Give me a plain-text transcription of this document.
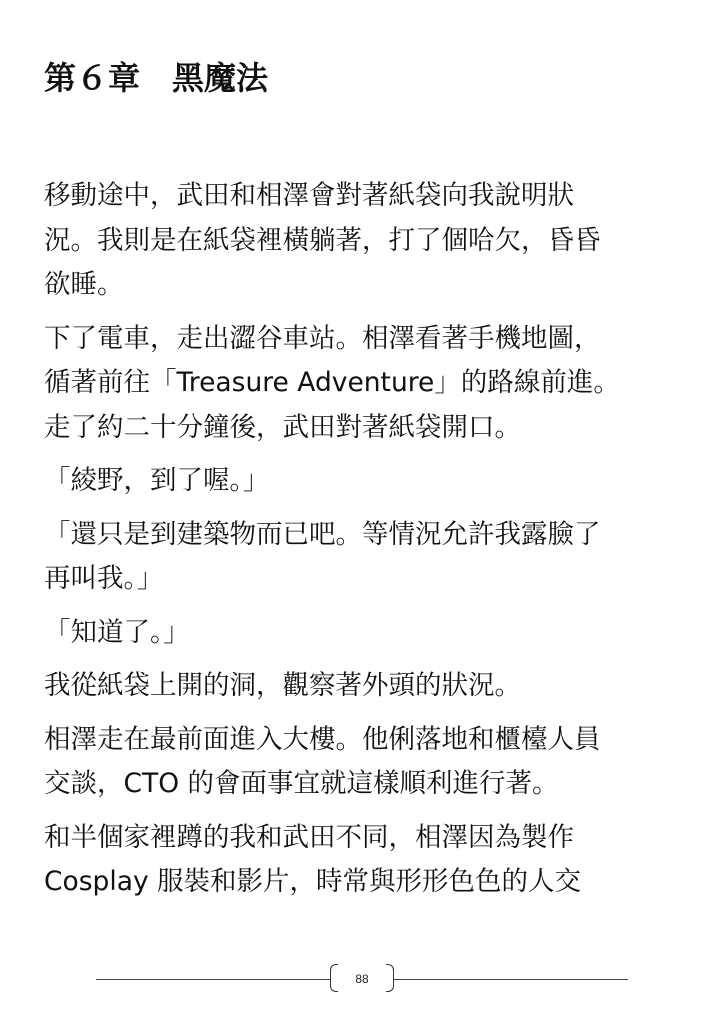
第６章　黑魔法

移動途中，武田和相澤會對著紙袋向我說明狀
況。我則是在紙袋裡橫躺著，打了個哈欠，昏昏
欲睡。

下了電車，走出澀谷車站。相澤看著手機地圖，
循著前往「Treasure Adventure」的路線前進。
走了約二十分鐘後，武田對著紙袋開口。

「綾野，到了喔。」

「還只是到建築物而已吧。等情況允許我露臉了
再叫我。」

「知道了。」

我從紙袋上開的洞，觀察著外頭的狀況。

相澤走在最前面進入大樓。他俐落地和櫃檯人員
交談，CTO 的會面事宜就這樣順利進行著。

和半個家裡蹲的我和武田不同，相澤因為製作
Cosplay 服裝和影片，時常與形形色色的人交

88
